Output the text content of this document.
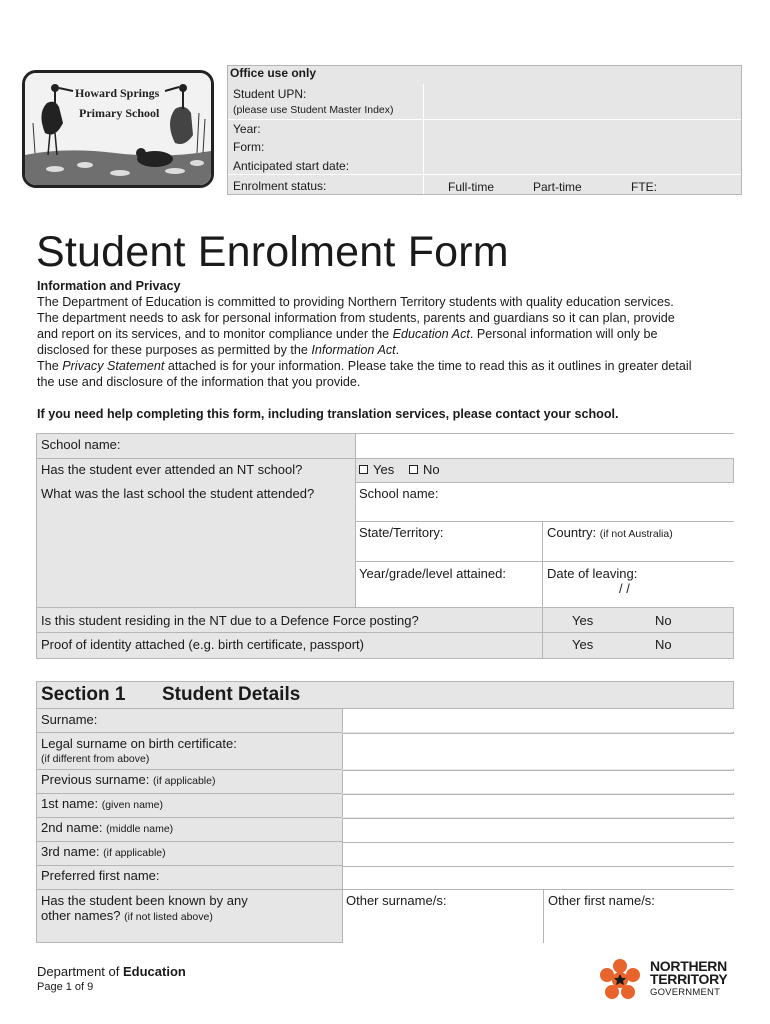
Howard Springs
Primary School
Office use only
Student UPN:
(please use Student Master Index)
Year:
Form:
Anticipated start date:
Enrolment status:	Full-time	Part-time	FTE:
Student Enrolment Form
Information and Privacy
The Department of Education is committed to providing Northern Territory students with quality education services. The department needs to ask for personal information from students, parents and guardians so it can plan, provide and report on its services, and to monitor compliance under the Education Act. Personal information will only be disclosed for these purposes as permitted by the Information Act.
The Privacy Statement attached is for your information. Please take the time to read this as it outlines in greater detail the use and disclosure of the information that you provide.
If you need help completing this form, including translation services, please contact your school.
School name:
Has the student ever attended an NT school?	Yes	No
What was the last school the student attended?	School name:
State/Territory:	Country: (if not Australia)
Year/grade/level attained:	Date of leaving:
/ /
Is this student residing in the NT due to a Defence Force posting?	Yes	No
Proof of identity attached (e.g. birth certificate, passport)	Yes	No
Section 1 Student Details
Surname:
Legal surname on birth certificate:
(if different from above)
Previous surname: (if applicable)
1st name: (given name)
2nd name: (middle name)
3rd name: (if applicable)
Preferred first name:
Has the student been known by any
other names? (if not listed above)
Other surname/s:	Other first name/s:
Department of Education
Page 1 of 9
NORTHERN
TERRITORY
GOVERNMENT
